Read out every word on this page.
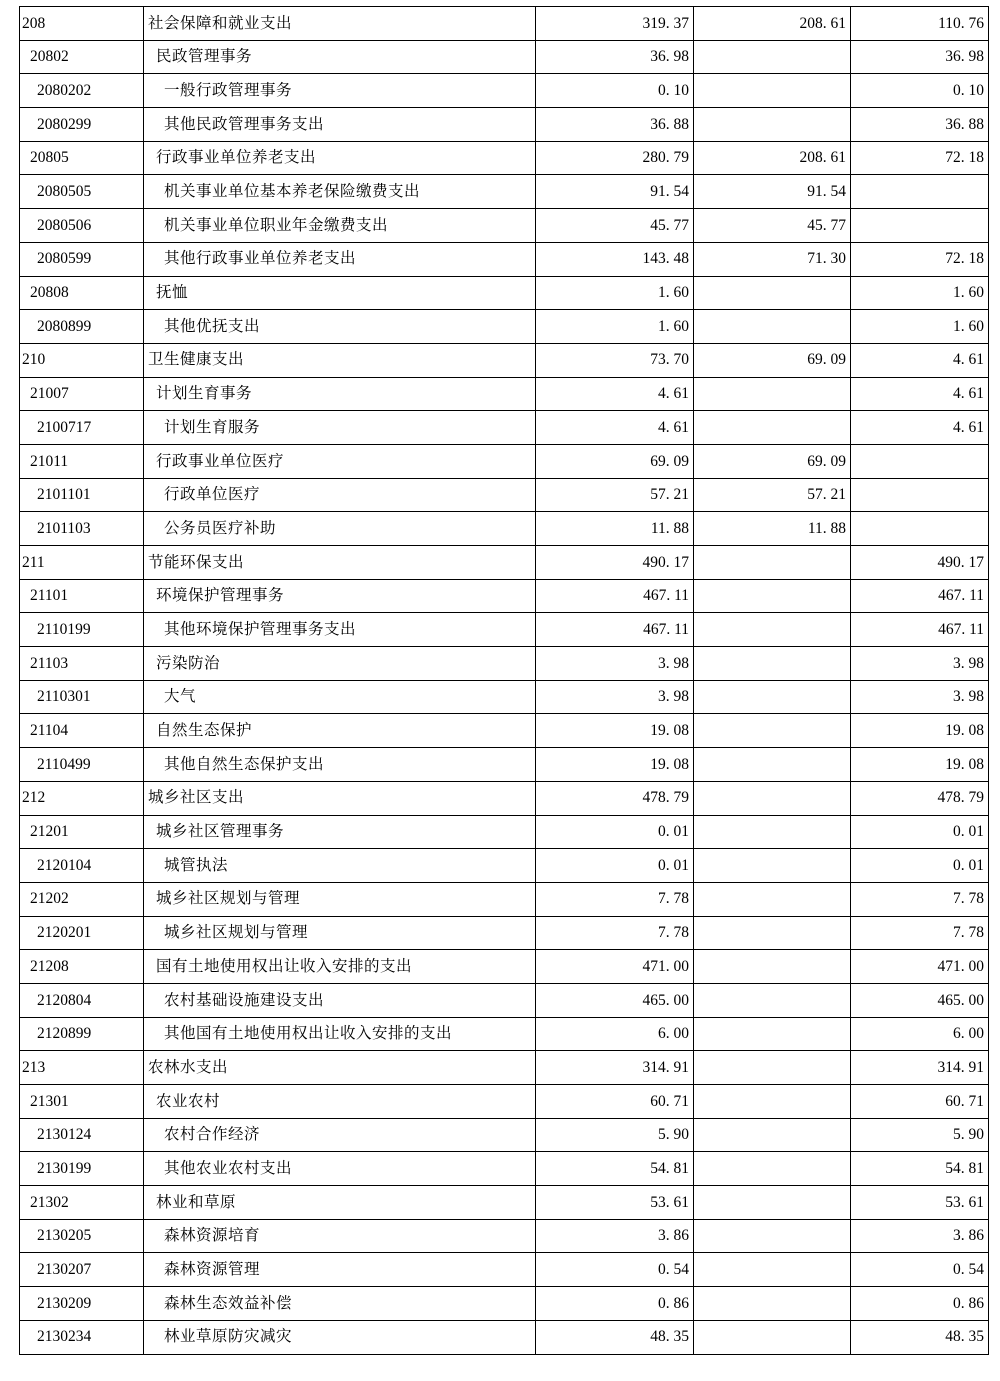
208	社会保障和就业支出	319. 37	208. 61	110. 76
20802	民政管理事务	36. 98		36. 98
2080202	一般行政管理事务	0. 10		0. 10
2080299	其他民政管理事务支出	36. 88		36. 88
20805	行政事业单位养老支出	280. 79	208. 61	72. 18
2080505	机关事业单位基本养老保险缴费支出	91. 54	91. 54	
2080506	机关事业单位职业年金缴费支出	45. 77	45. 77	
2080599	其他行政事业单位养老支出	143. 48	71. 30	72. 18
20808	抚恤	1. 60		1. 60
2080899	其他优抚支出	1. 60		1. 60
210	卫生健康支出	73. 70	69. 09	4. 61
21007	计划生育事务	4. 61		4. 61
2100717	计划生育服务	4. 61		4. 61
21011	行政事业单位医疗	69. 09	69. 09	
2101101	行政单位医疗	57. 21	57. 21	
2101103	公务员医疗补助	11. 88	11. 88	
211	节能环保支出	490. 17		490. 17
21101	环境保护管理事务	467. 11		467. 11
2110199	其他环境保护管理事务支出	467. 11		467. 11
21103	污染防治	3. 98		3. 98
2110301	大气	3. 98		3. 98
21104	自然生态保护	19. 08		19. 08
2110499	其他自然生态保护支出	19. 08		19. 08
212	城乡社区支出	478. 79		478. 79
21201	城乡社区管理事务	0. 01		0. 01
2120104	城管执法	0. 01		0. 01
21202	城乡社区规划与管理	7. 78		7. 78
2120201	城乡社区规划与管理	7. 78		7. 78
21208	国有土地使用权出让收入安排的支出	471. 00		471. 00
2120804	农村基础设施建设支出	465. 00		465. 00
2120899	其他国有土地使用权出让收入安排的支出	6. 00		6. 00
213	农林水支出	314. 91		314. 91
21301	农业农村	60. 71		60. 71
2130124	农村合作经济	5. 90		5. 90
2130199	其他农业农村支出	54. 81		54. 81
21302	林业和草原	53. 61		53. 61
2130205	森林资源培育	3. 86		3. 86
2130207	森林资源管理	0. 54		0. 54
2130209	森林生态效益补偿	0. 86		0. 86
2130234	林业草原防灾减灾	48. 35		48. 35
